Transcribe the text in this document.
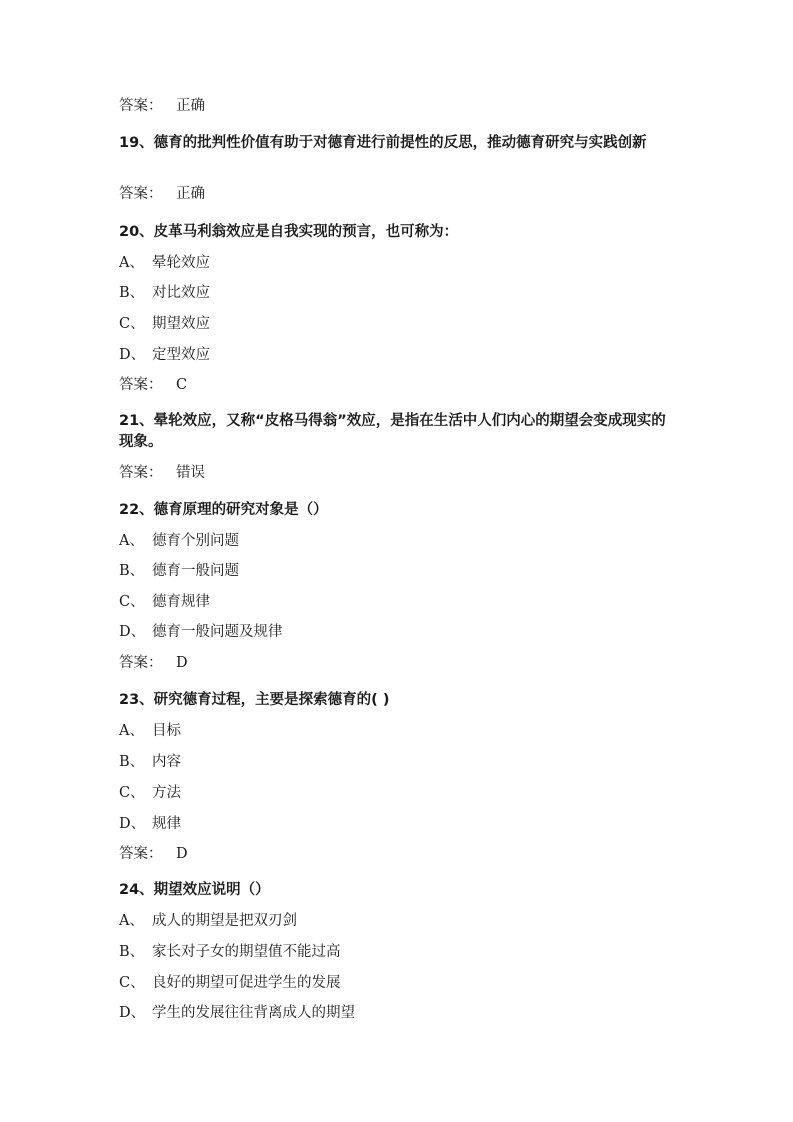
答案： 正确
19、德育的批判性价值有助于对德育进行前提性的反思，推动德育研究与实践创新
答案： 正确
20、皮革马利翁效应是自我实现的预言，也可称为：
A、 晕轮效应
B、 对比效应
C、 期望效应
D、 定型效应
答案： C
21、晕轮效应，又称“皮格马得翁”效应，是指在生活中人们内心的期望会变成现实的现象。
答案： 错误
22、德育原理的研究对象是（）
A、 德育个别问题
B、 德育一般问题
C、 德育规律
D、 德育一般问题及规律
答案： D
23、研究德育过程，主要是探索德育的( )
A、 目标
B、 内容
C、 方法
D、 规律
答案： D
24、期望效应说明（）
A、 成人的期望是把双刃剑
B、 家长对子女的期望值不能过高
C、 良好的期望可促进学生的发展
D、 学生的发展往往背离成人的期望
